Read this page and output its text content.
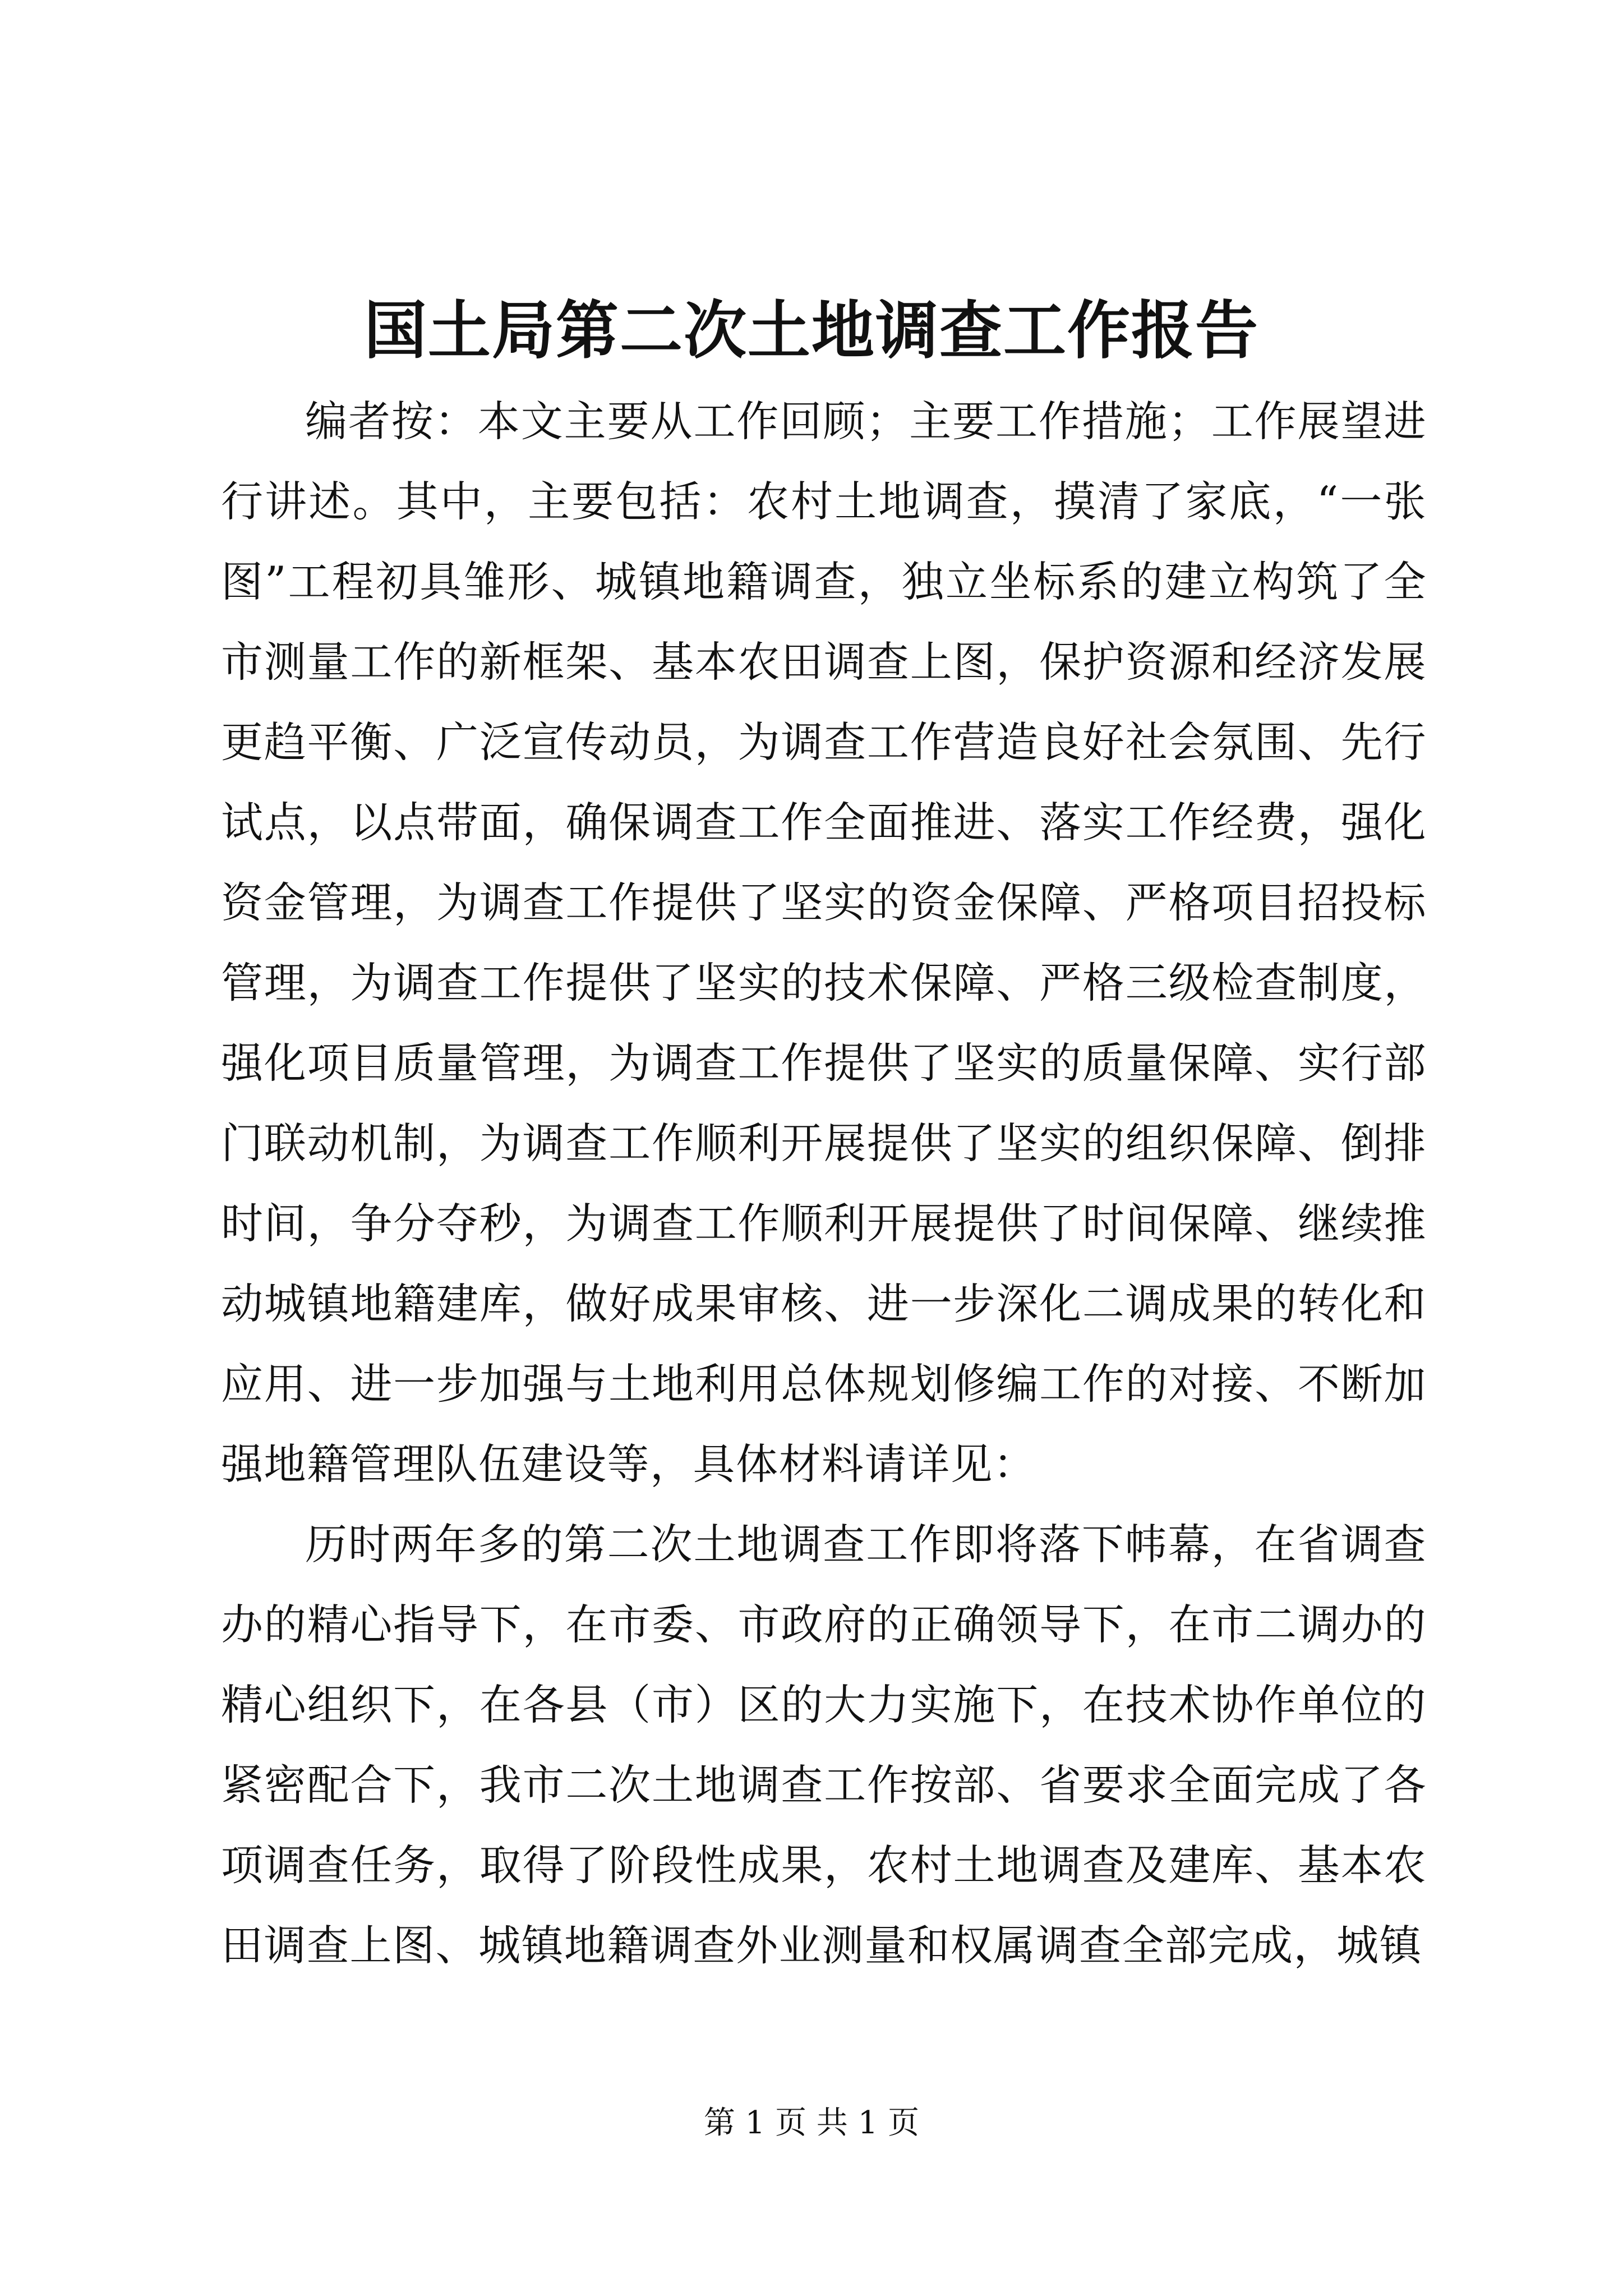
国土局第二次土地调查工作报告

编者按：本文主要从工作回顾；主要工作措施；工作展望进行讲述。其中，主要包括：农村土地调查，摸清了家底，“一张图”工程初具雏形、城镇地籍调查，独立坐标系的建立构筑了全市测量工作的新框架、基本农田调查上图，保护资源和经济发展更趋平衡、广泛宣传动员，为调查工作营造良好社会氛围、先行试点，以点带面，确保调查工作全面推进、落实工作经费，强化资金管理，为调查工作提供了坚实的资金保障、严格项目招投标管理，为调查工作提供了坚实的技术保障、严格三级检查制度，强化项目质量管理，为调查工作提供了坚实的质量保障、实行部门联动机制，为调查工作顺利开展提供了坚实的组织保障、倒排时间，争分夺秒，为调查工作顺利开展提供了时间保障、继续推动城镇地籍建库，做好成果审核、进一步深化二调成果的转化和应用、进一步加强与土地利用总体规划修编工作的对接、不断加强地籍管理队伍建设等，具体材料请详见：

历时两年多的第二次土地调查工作即将落下帏幕，在省调查办的精心指导下，在市委、市政府的正确领导下，在市二调办的精心组织下，在各县（市）区的大力实施下，在技术协作单位的紧密配合下，我市二次土地调查工作按部、省要求全面完成了各项调查任务，取得了阶段性成果，农村土地调查及建库、基本农田调查上图、城镇地籍调查外业测量和权属调查全部完成，城镇

第 1 页 共 1 页
